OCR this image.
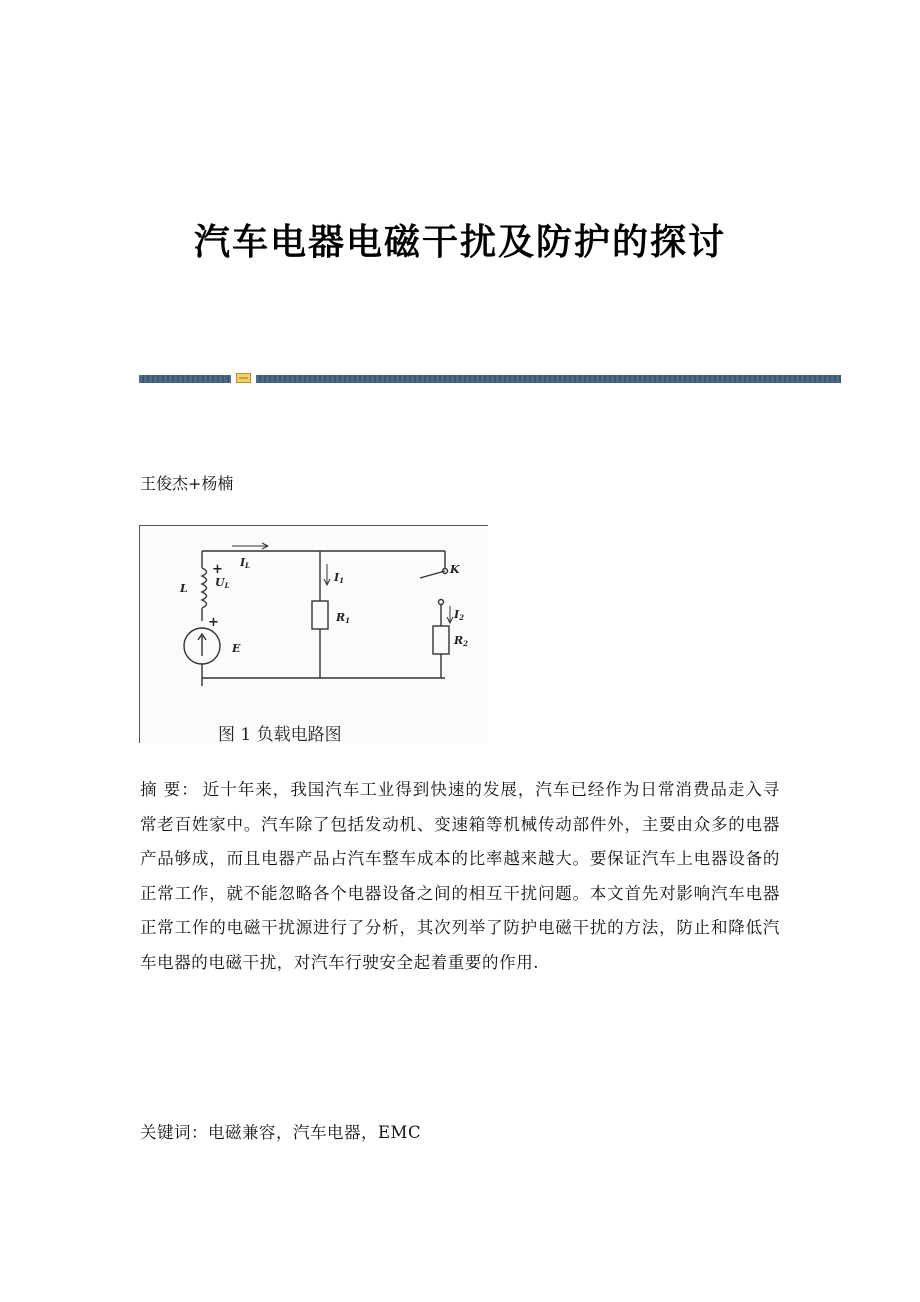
汽车电器电磁干扰及防护的探讨
王俊杰+杨楠
IL
L UL
+
+
E
I1
R1
K
I2
R2
图 1 负载电路图
摘 要： 近十年来，我国汽车工业得到快速的发展，汽车已经作为日常消费品走入寻常老百姓家中。汽车除了包括发动机、变速箱等机械传动部件外，主要由众多的电器产品够成，而且电器产品占汽车整车成本的比率越来越大。要保证汽车上电器设备的正常工作，就不能忽略各个电器设备之间的相互干扰问题。本文首先对影响汽车电器正常工作的电磁干扰源进行了分析，其次列举了防护电磁干扰的方法，防止和降低汽车电器的电磁干扰，对汽车行驶安全起着重要的作用.
关键词：电磁兼容，汽车电器，EMC
